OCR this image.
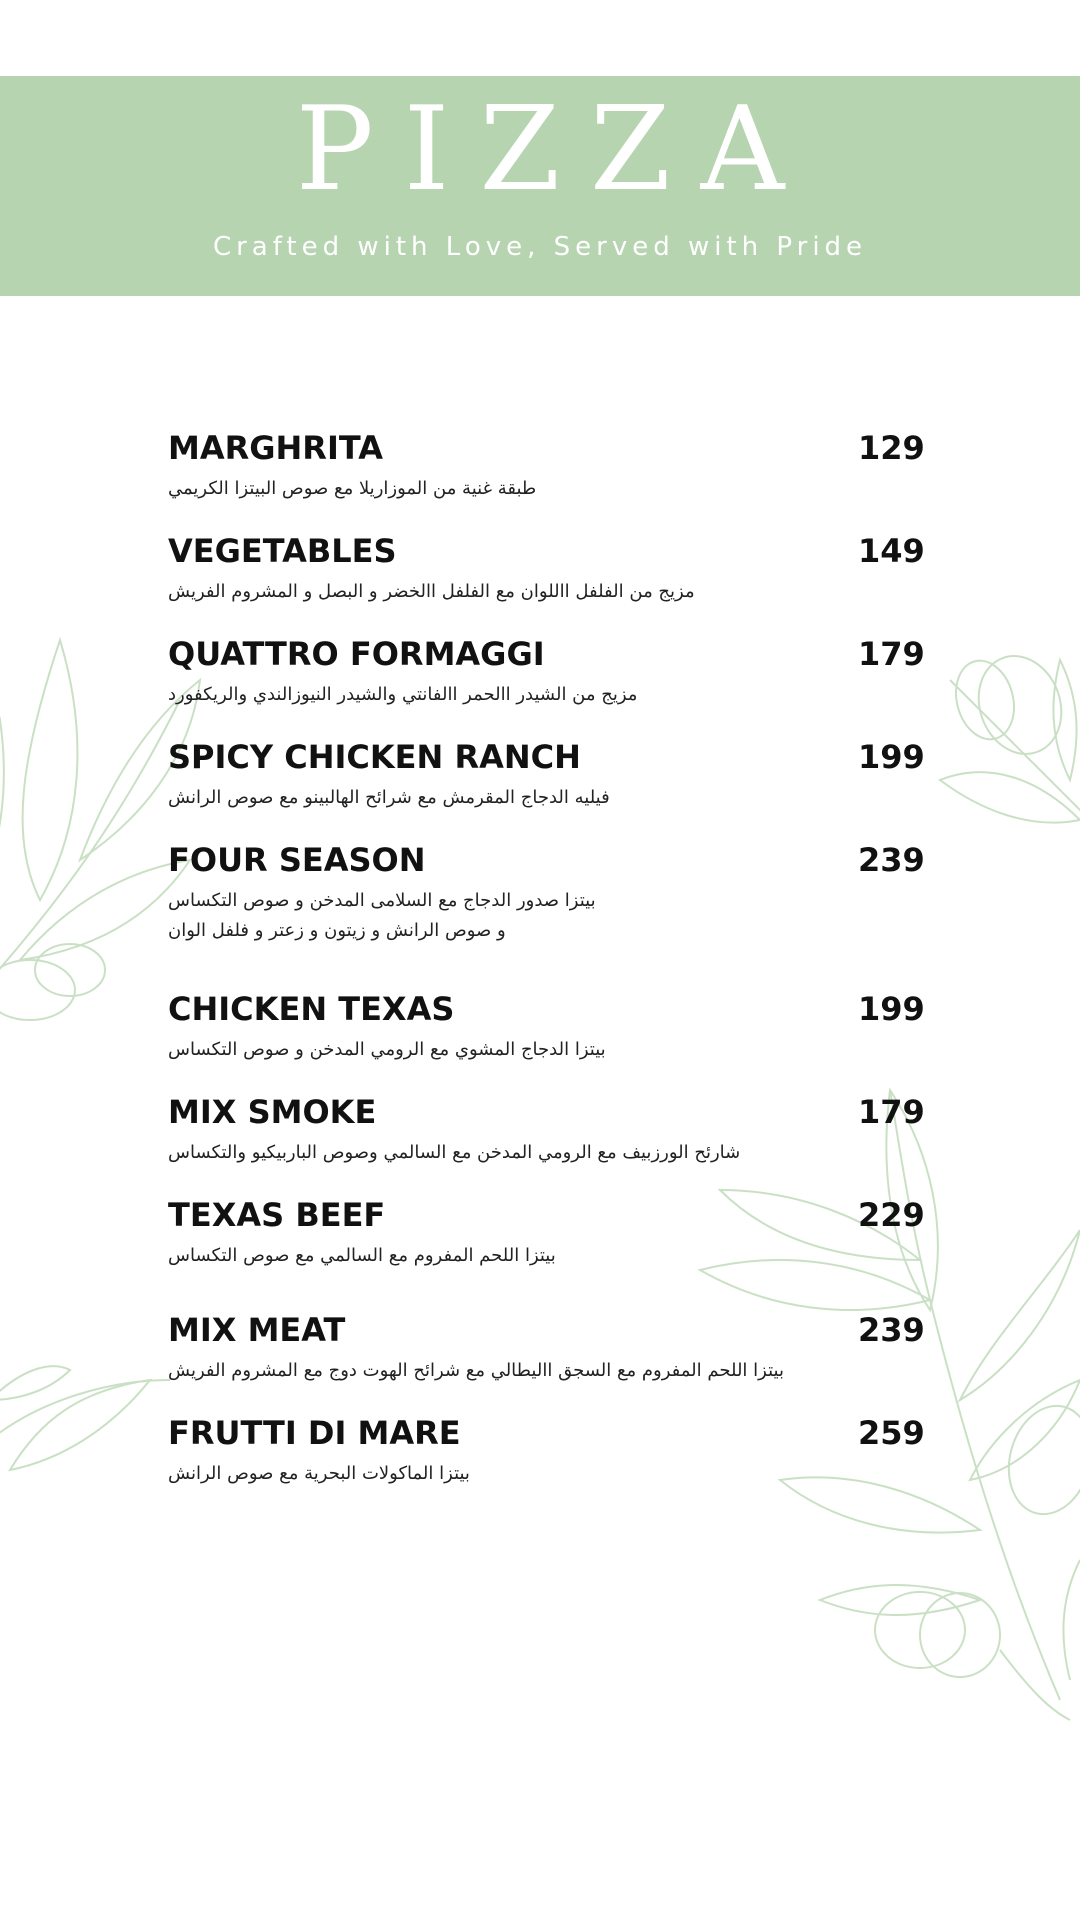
PIZZA
Crafted with Love, Served with Pride
MARGHRITA	129
طبقة غنية من الموزاريلا مع صوص البيتزا الكريمي
VEGETABLES	149
مزيج من الفلفل االلوان مع الفلفل االخضر و البصل و المشروم الفريش
QUATTRO FORMAGGI	179
مزيج من الشيدر االحمر االفانتي والشيدر النيوزالندي والريكفورد
SPICY CHICKEN RANCH	199
فيليه الدجاج المقرمش مع شرائح الهالبينو مع صوص الرانش
FOUR SEASON	239
بيتزا صدور الدجاج مع السلامى المدخن و صوص التكساس
و صوص الرانش و زيتون و زعتر و فلفل الوان
CHICKEN TEXAS	199
بيتزا الدجاج المشوي مع الرومي المدخن و صوص التكساس
MIX SMOKE	179
شارئح الورزبيف مع الرومي المدخن مع السالمي وصوص الباربيكيو والتكساس
TEXAS BEEF	229
بيتزا اللحم المفروم مع السالمي مع صوص التكساس
MIX MEAT	239
بيتزا اللحم المفروم مع السجق االيطالي مع شرائح الهوت دوج مع المشروم الفريش
FRUTTI DI MARE	259
بيتزا الماكولات البحرية مع صوص الرانش
